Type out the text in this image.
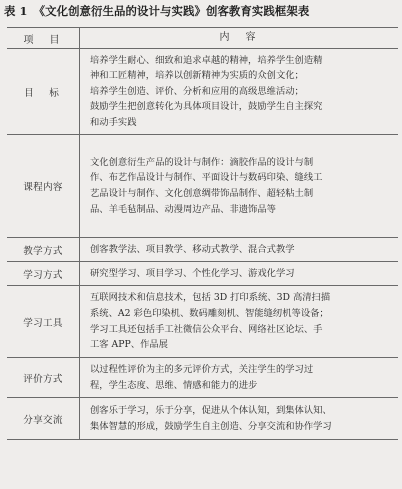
表 1 《文化创意衍生品的设计与实践》创客教育实践框架表
项　目	内　容
目　标	培养学生耐心、细致和追求卓越的精神，培养学生创造精
神和工匠精神，培养以创新精神为实质的众创文化；
培养学生创造、评价、分析和应用的高级思维活动；
鼓励学生把创意转化为具体项目设计，鼓励学生自主探究
和动手实践

课程内容	文化创意衍生产品的设计与制作：滴胶作品的设计与制
作、布艺作品设计与制作、平面设计与数码印染、缝线工
艺品设计与制作、文化创意绸带饰品制作、超轻粘土制
品、羊毛毡制品、动漫周边产品、非遗饰品等

教学方式	创客教学法、项目教学、移动式教学、混合式教学

学习方式	研究型学习、项目学习、个性化学习、游戏化学习

学习工具	互联网技术和信息技术，包括 3D 打印系统、3D 高清扫描
系统、A2 彩色印染机、数码雕刻机、智能缝纫机等设备；
学习工具还包括手工社微信公众平台、网络社区论坛、手
工客 APP、作品展

评价方式	以过程性评价为主的多元评价方式，关注学生的学习过
程，学生态度、思维、情感和能力的进步

分享交流	创客乐于学习，乐于分享，促进从个体认知，到集体认知、
集体智慧的形成，鼓励学生自主创造、分享交流和协作学习
